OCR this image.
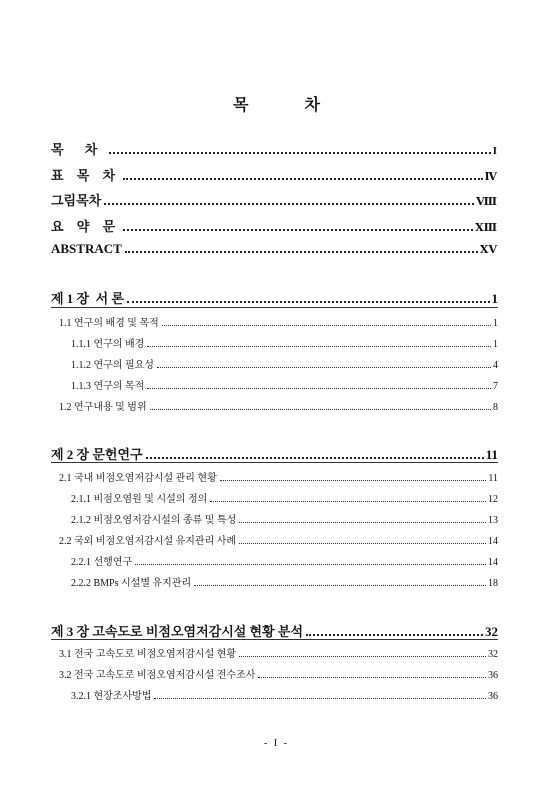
목 차
목 차	I
표 목 차	Ⅳ
그림목차	Ⅷ
요 약 문	ⅩⅢ
ABSTRACT	ⅩⅤ
제 1 장  서 론	1
1.1 연구의 배경 및 목적	1
1.1.1 연구의 배경	1
1.1.2 연구의 필요성	4
1.1.3 연구의 목적	7
1.2 연구내용 및 범위	8
제 2 장 문헌연구	11
2.1 국내 비점오염저감시설 관리 현황	11
2.1.1 비점오염원 및 시설의 정의	12
2.1.2 비점오염저감시설의 종류 및 특성	13
2.2 국외 비점오염저감시설 유지관리 사례	14
2.2.1 선행연구	14
2.2.2 BMPs 시설별 유지관리	18
제 3 장 고속도로 비점오염저감시설 현황 분석	32
3.1 전국 고속도로 비점오염저감시설 현황	32
3.2 전국 고속도로 비점오염저감시설 전수조사	36
3.2.1 현장조사방법	36
- I -
